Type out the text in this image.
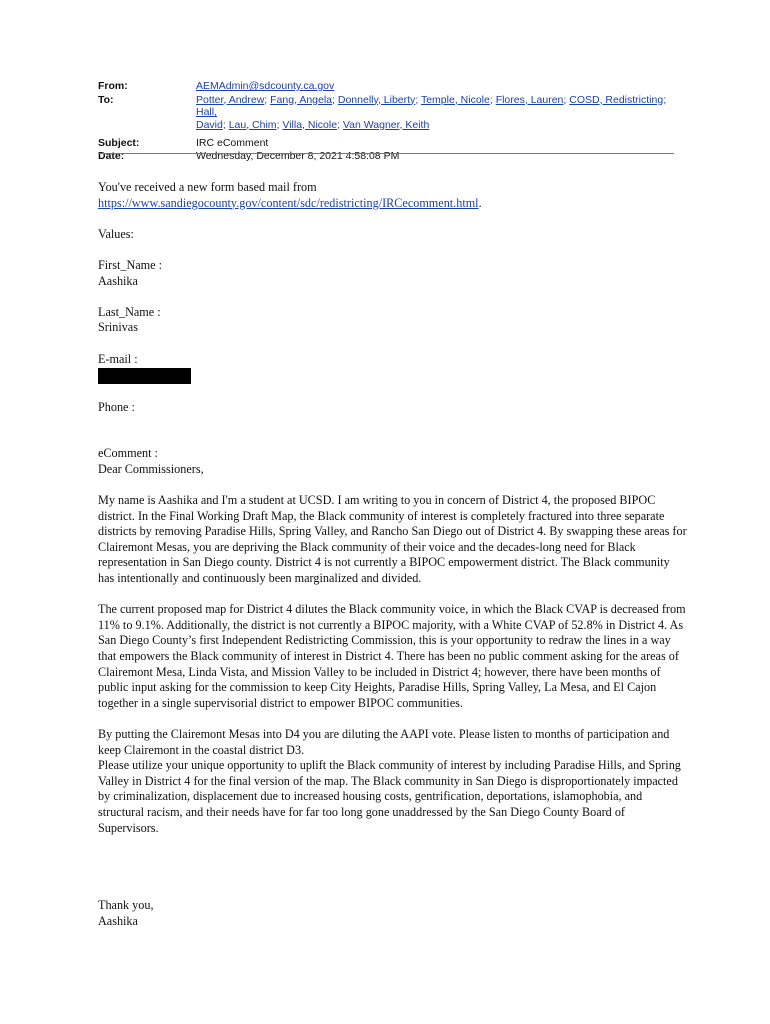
From:	AEMAdmin@sdcounty.ca.gov
To:	Potter, Andrew; Fang, Angela; Donnelly, Liberty; Temple, Nicole; Flores, Lauren; COSD, Redistricting; Hall,
David; Lau, Chim; Villa, Nicole; Van Wagner, Keith
Subject:	IRC eComment
Date:	Wednesday, December 8, 2021 4:58:08 PM

You've received a new form based mail from

https://www.sandiegocounty.gov/content/sdc/redistricting/IRCecomment.html.

Values:

First_Name :

Aashika

Last_Name :

Srinivas

E-mail :

Phone :

eComment :

Dear Commissioners,

My name is Aashika and I'm a student at UCSD. I am writing to you in concern of District 4, the proposed BIPOC district. In the Final Working Draft Map, the Black community of interest is completely fractured into three separate districts by removing Paradise Hills, Spring Valley, and Rancho San Diego out of District 4. By swapping these areas for Clairemont Mesas, you are depriving the Black community of their voice and the decades-long need for Black representation in San Diego county. District 4 is not currently a BIPOC empowerment district. The Black community has intentionally and continuously been marginalized and divided.

The current proposed map for District 4 dilutes the Black community voice, in which the Black CVAP is decreased from 11% to 9.1%. Additionally, the district is not currently a BIPOC majority, with a White CVAP of 52.8% in District 4. As San Diego County’s first Independent Redistricting Commission, this is your opportunity to redraw the lines in a way that empowers the Black community of interest in District 4. There has been no public comment asking for the areas of Clairemont Mesa, Linda Vista, and Mission Valley to be included in District 4; however, there have been months of public input asking for the commission to keep City Heights, Paradise Hills, Spring Valley, La Mesa, and El Cajon together in a single supervisorial district to empower BIPOC communities.

By putting the Clairemont Mesas into D4 you are diluting the AAPI vote. Please listen to months of participation and keep Clairemont in the coastal district D3.

Please utilize your unique opportunity to uplift the Black community of interest by including Paradise Hills, and Spring Valley in District 4 for the final version of the map. The Black community in San Diego is disproportionately impacted by criminalization, displacement due to increased housing costs, gentrification, deportations, islamophobia, and structural racism, and their needs have for far too long gone unaddressed by the San Diego County Board of Supervisors.

Thank you,

Aashika
